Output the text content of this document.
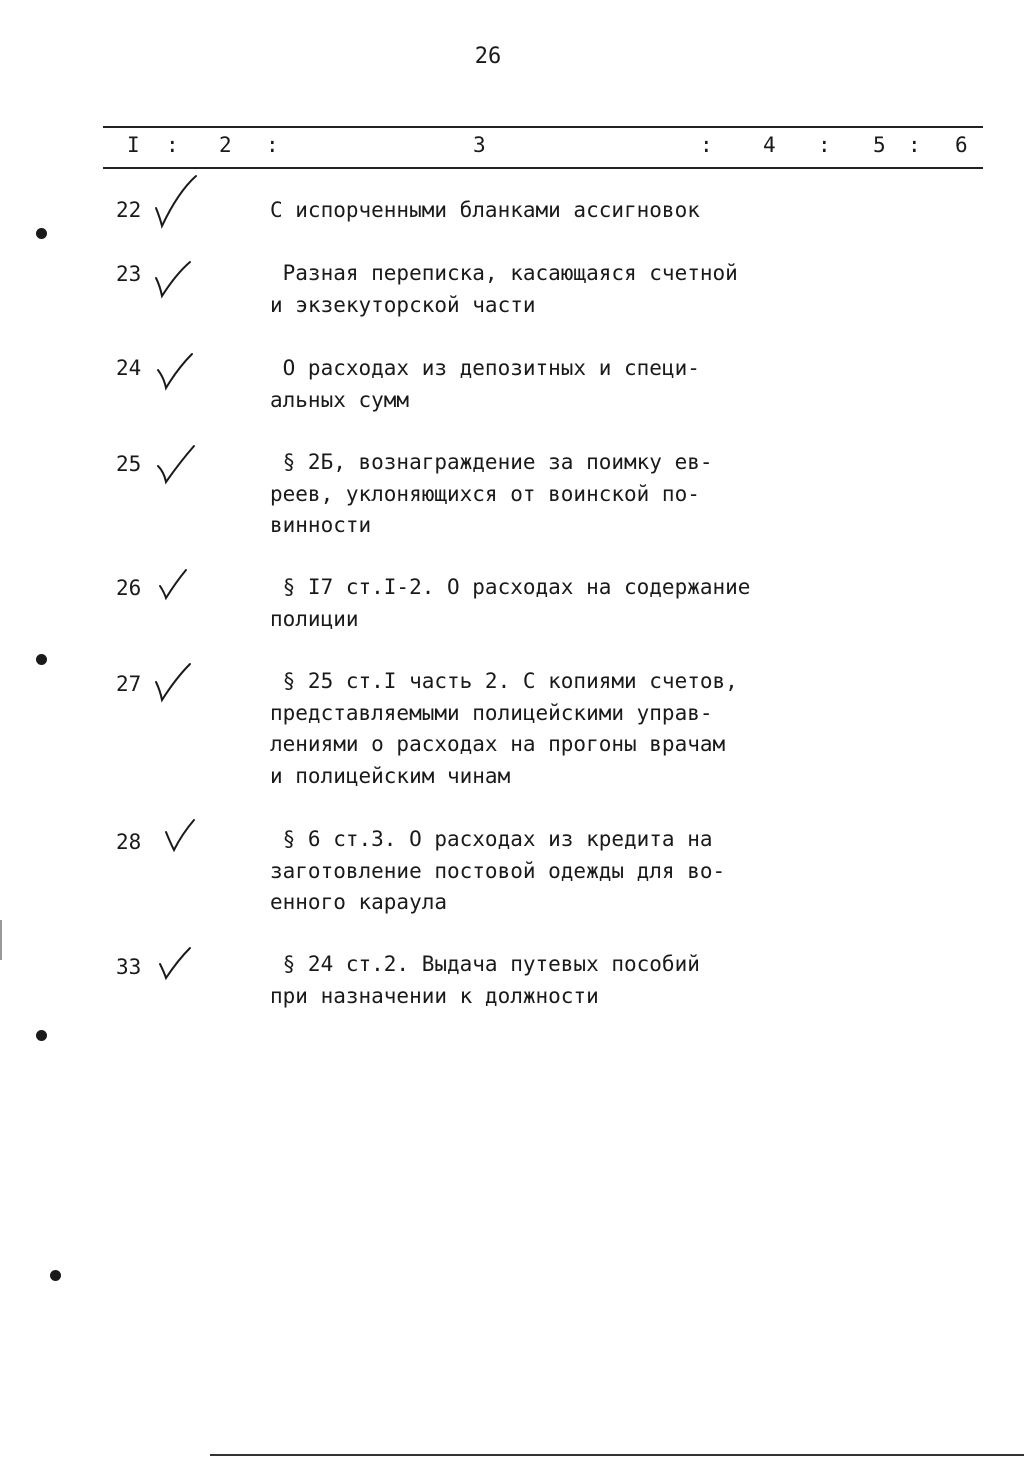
26
I : 2 :	3	: 4 : 5 : 6
22	С испорченными бланками ассигновок
23	Разная переписка, касающаяся счетной
и экзекуторской части
24	О расходах из депозитных и специ-
альных сумм
25	§ 2Б, вознаграждение за поимку ев-
реев, уклоняющихся от воинской по-
винности
26	§ I7 ст.I-2. О расходах на содержание
полиции
27	§ 25 ст.I часть 2. С копиями счетов,
представляемыми полицейскими управ-
лениями о расходах на прогоны врачам
и полицейским чинам
28	§ 6 ст.3. О расходах из кредита на
заготовление постовой одежды для во-
енного караула
33	§ 24 ст.2. Выдача путевых пособий
при назначении к должности
